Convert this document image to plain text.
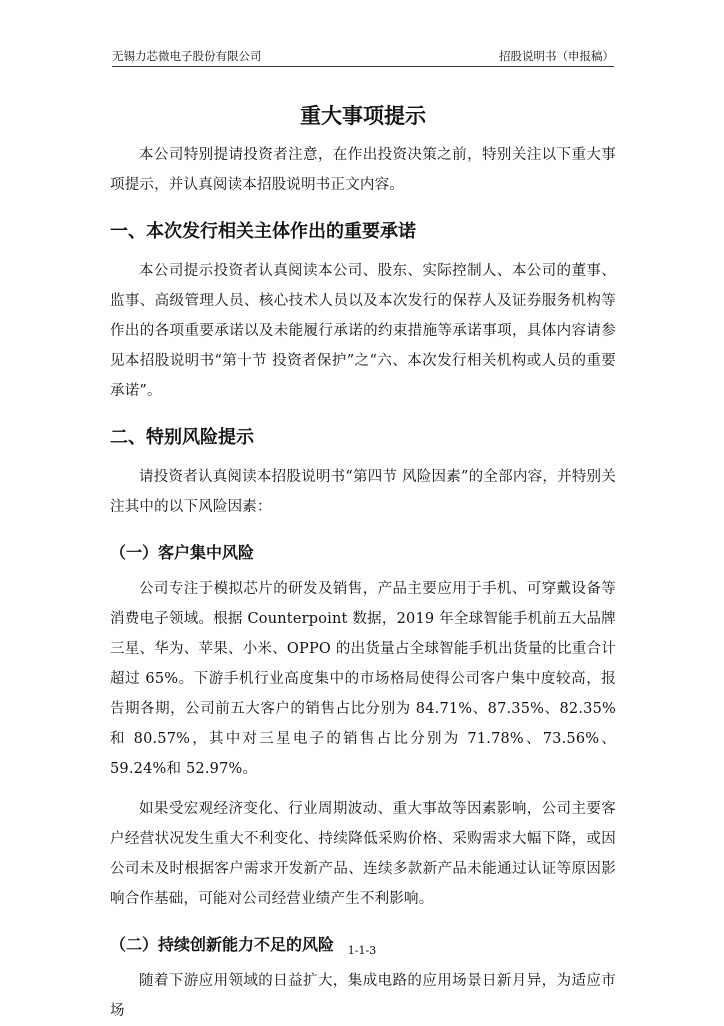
无锡力芯微电子股份有限公司	招股说明书（申报稿）
重大事项提示

本公司特别提请投资者注意，在作出投资决策之前，特别关注以下重大事项提示，并认真阅读本招股说明书正文内容。

一、本次发行相关主体作出的重要承诺

本公司提示投资者认真阅读本公司、股东、实际控制人、本公司的董事、监事、高级管理人员、核心技术人员以及本次发行的保荐人及证券服务机构等作出的各项重要承诺以及未能履行承诺的约束措施等承诺事项，具体内容请参见本招股说明书“第十节 投资者保护”之“六、本次发行相关机构或人员的重要承诺”。

二、特别风险提示

请投资者认真阅读本招股说明书“第四节 风险因素”的全部内容，并特别关注其中的以下风险因素：

（一）客户集中风险

公司专注于模拟芯片的研发及销售，产品主要应用于手机、可穿戴设备等消费电子领域。根据 Counterpoint 数据，2019 年全球智能手机前五大品牌三星、华为、苹果、小米、OPPO 的出货量占全球智能手机出货量的比重合计超过 65%。下游手机行业高度集中的市场格局使得公司客户集中度较高，报告期各期，公司前五大客户的销售占比分别为 84.71%、87.35%、82.35%和 80.57%，其中对三星电子的销售占比分别为 71.78%、73.56%、59.24%和 52.97%。

如果受宏观经济变化、行业周期波动、重大事故等因素影响，公司主要客户经营状况发生重大不利变化、持续降低采购价格、采购需求大幅下降，或因公司未及时根据客户需求开发新产品、连续多款新产品未能通过认证等原因影响合作基础，可能对公司经营业绩产生不利影响。

（二）持续创新能力不足的风险

随着下游应用领域的日益扩大，集成电路的应用场景日新月异，为适应市场

1-1-3
